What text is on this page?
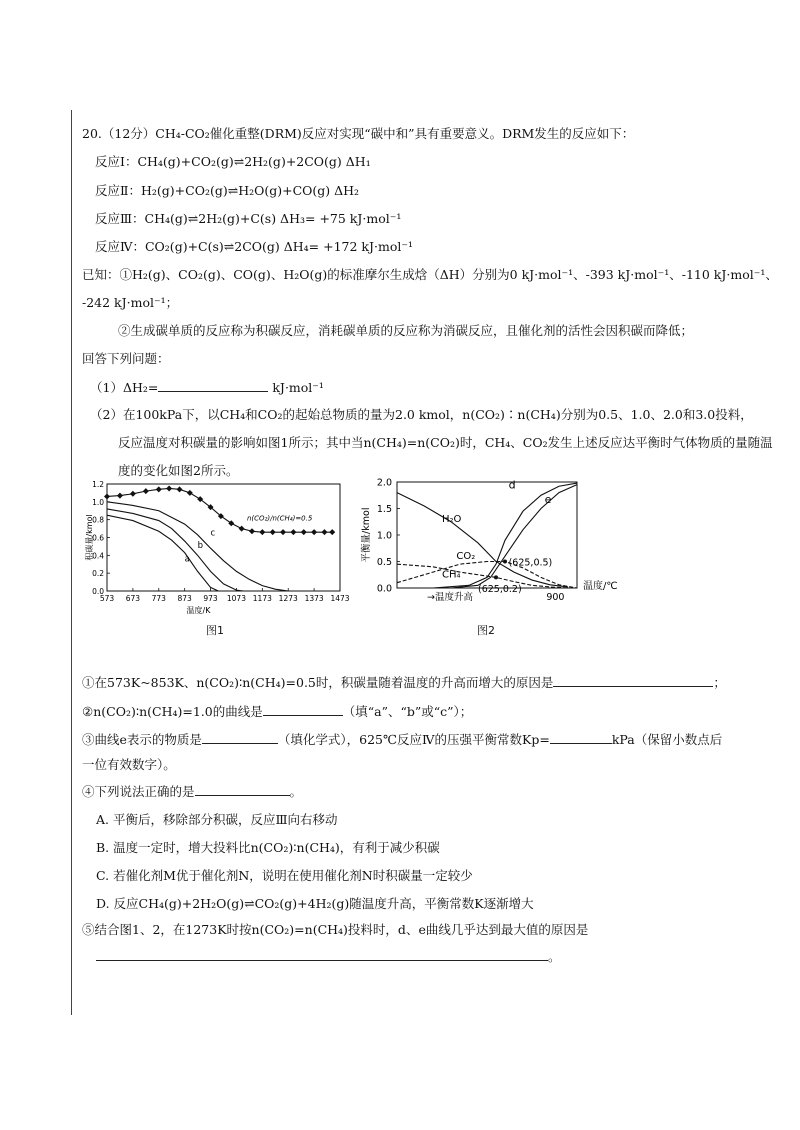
20.（12分）CH₄-CO₂催化重整(DRM)反应对实现“碳中和”具有重要意义。DRM发生的反应如下：
反应Ⅰ：CH₄(g)+CO₂(g)⇌2H₂(g)+2CO(g) ΔH₁
反应Ⅱ：H₂(g)+CO₂(g)⇌H₂O(g)+CO(g) ΔH₂
反应Ⅲ：CH₄(g)⇌2H₂(g)+C(s) ΔH₃= +75 kJ·mol⁻¹
反应Ⅳ：CO₂(g)+C(s)⇌2CO(g) ΔH₄= +172 kJ·mol⁻¹
已知：①H₂(g)、CO₂(g)、CO(g)、H₂O(g)的标准摩尔生成焓（ΔH）分别为0 kJ·mol⁻¹、-393 kJ·mol⁻¹、-110 kJ·mol⁻¹、
-242 kJ·mol⁻¹；
②生成碳单质的反应称为积碳反应，消耗碳单质的反应称为消碳反应，且催化剂的活性会因积碳而降低；
回答下列问题：
（1）ΔH₂=	kJ·mol⁻¹
（2）在100kPa下，以CH₄和CO₂的起始总物质的量为2.0 kmol，n(CO₂)∶n(CH₄)分别为0.5、1.0、2.0和3.0投料，
反应温度对积碳量的影响如图1所示；其中当n(CH₄)=n(CO₂)时，CH₄、CO₂发生上述反应达平衡时气体物质的量随温
度的变化如图2所示。
573 673 773 873 973 1073 1173 1273 1373 1473
0.0
0.2
0.4
0.6
0.8
1.0
1.2
温度/K
积碳量/kmol	a
b
c
n(CO₂)/n(CH₄)=0.5
图1
0.0
0.5
1.0
1.5
2.0
平衡量/kmol
→温度升高	900
温度/℃
d
e
H₂O
CO₂
CH₄
(625,0.5)
(625,0.2)
图2
①在573K~853K、n(CO₂)∶n(CH₄)=0.5时，积碳量随着温度的升高而增大的原因是	；
②n(CO₂)∶n(CH₄)=1.0的曲线是	（填“a”、“b”或“c”）；
③曲线e表示的物质是	（填化学式），625℃反应Ⅳ的压强平衡常数Kp=	kPa（保留小数点后
一位有效数字）。
④下列说法正确的是	。
A. 平衡后，移除部分积碳，反应Ⅲ向右移动
B. 温度一定时，增大投料比n(CO₂)∶n(CH₄)，有利于减少积碳
C. 若催化剂M优于催化剂N，说明在使用催化剂N时积碳量一定较少
D. 反应CH₄(g)+2H₂O(g)⇌CO₂(g)+4H₂(g)随温度升高，平衡常数K逐渐增大
⑤结合图1、2，在1273K时按n(CO₂)=n(CH₄)投料时，d、e曲线几乎达到最大值的原因是
。
